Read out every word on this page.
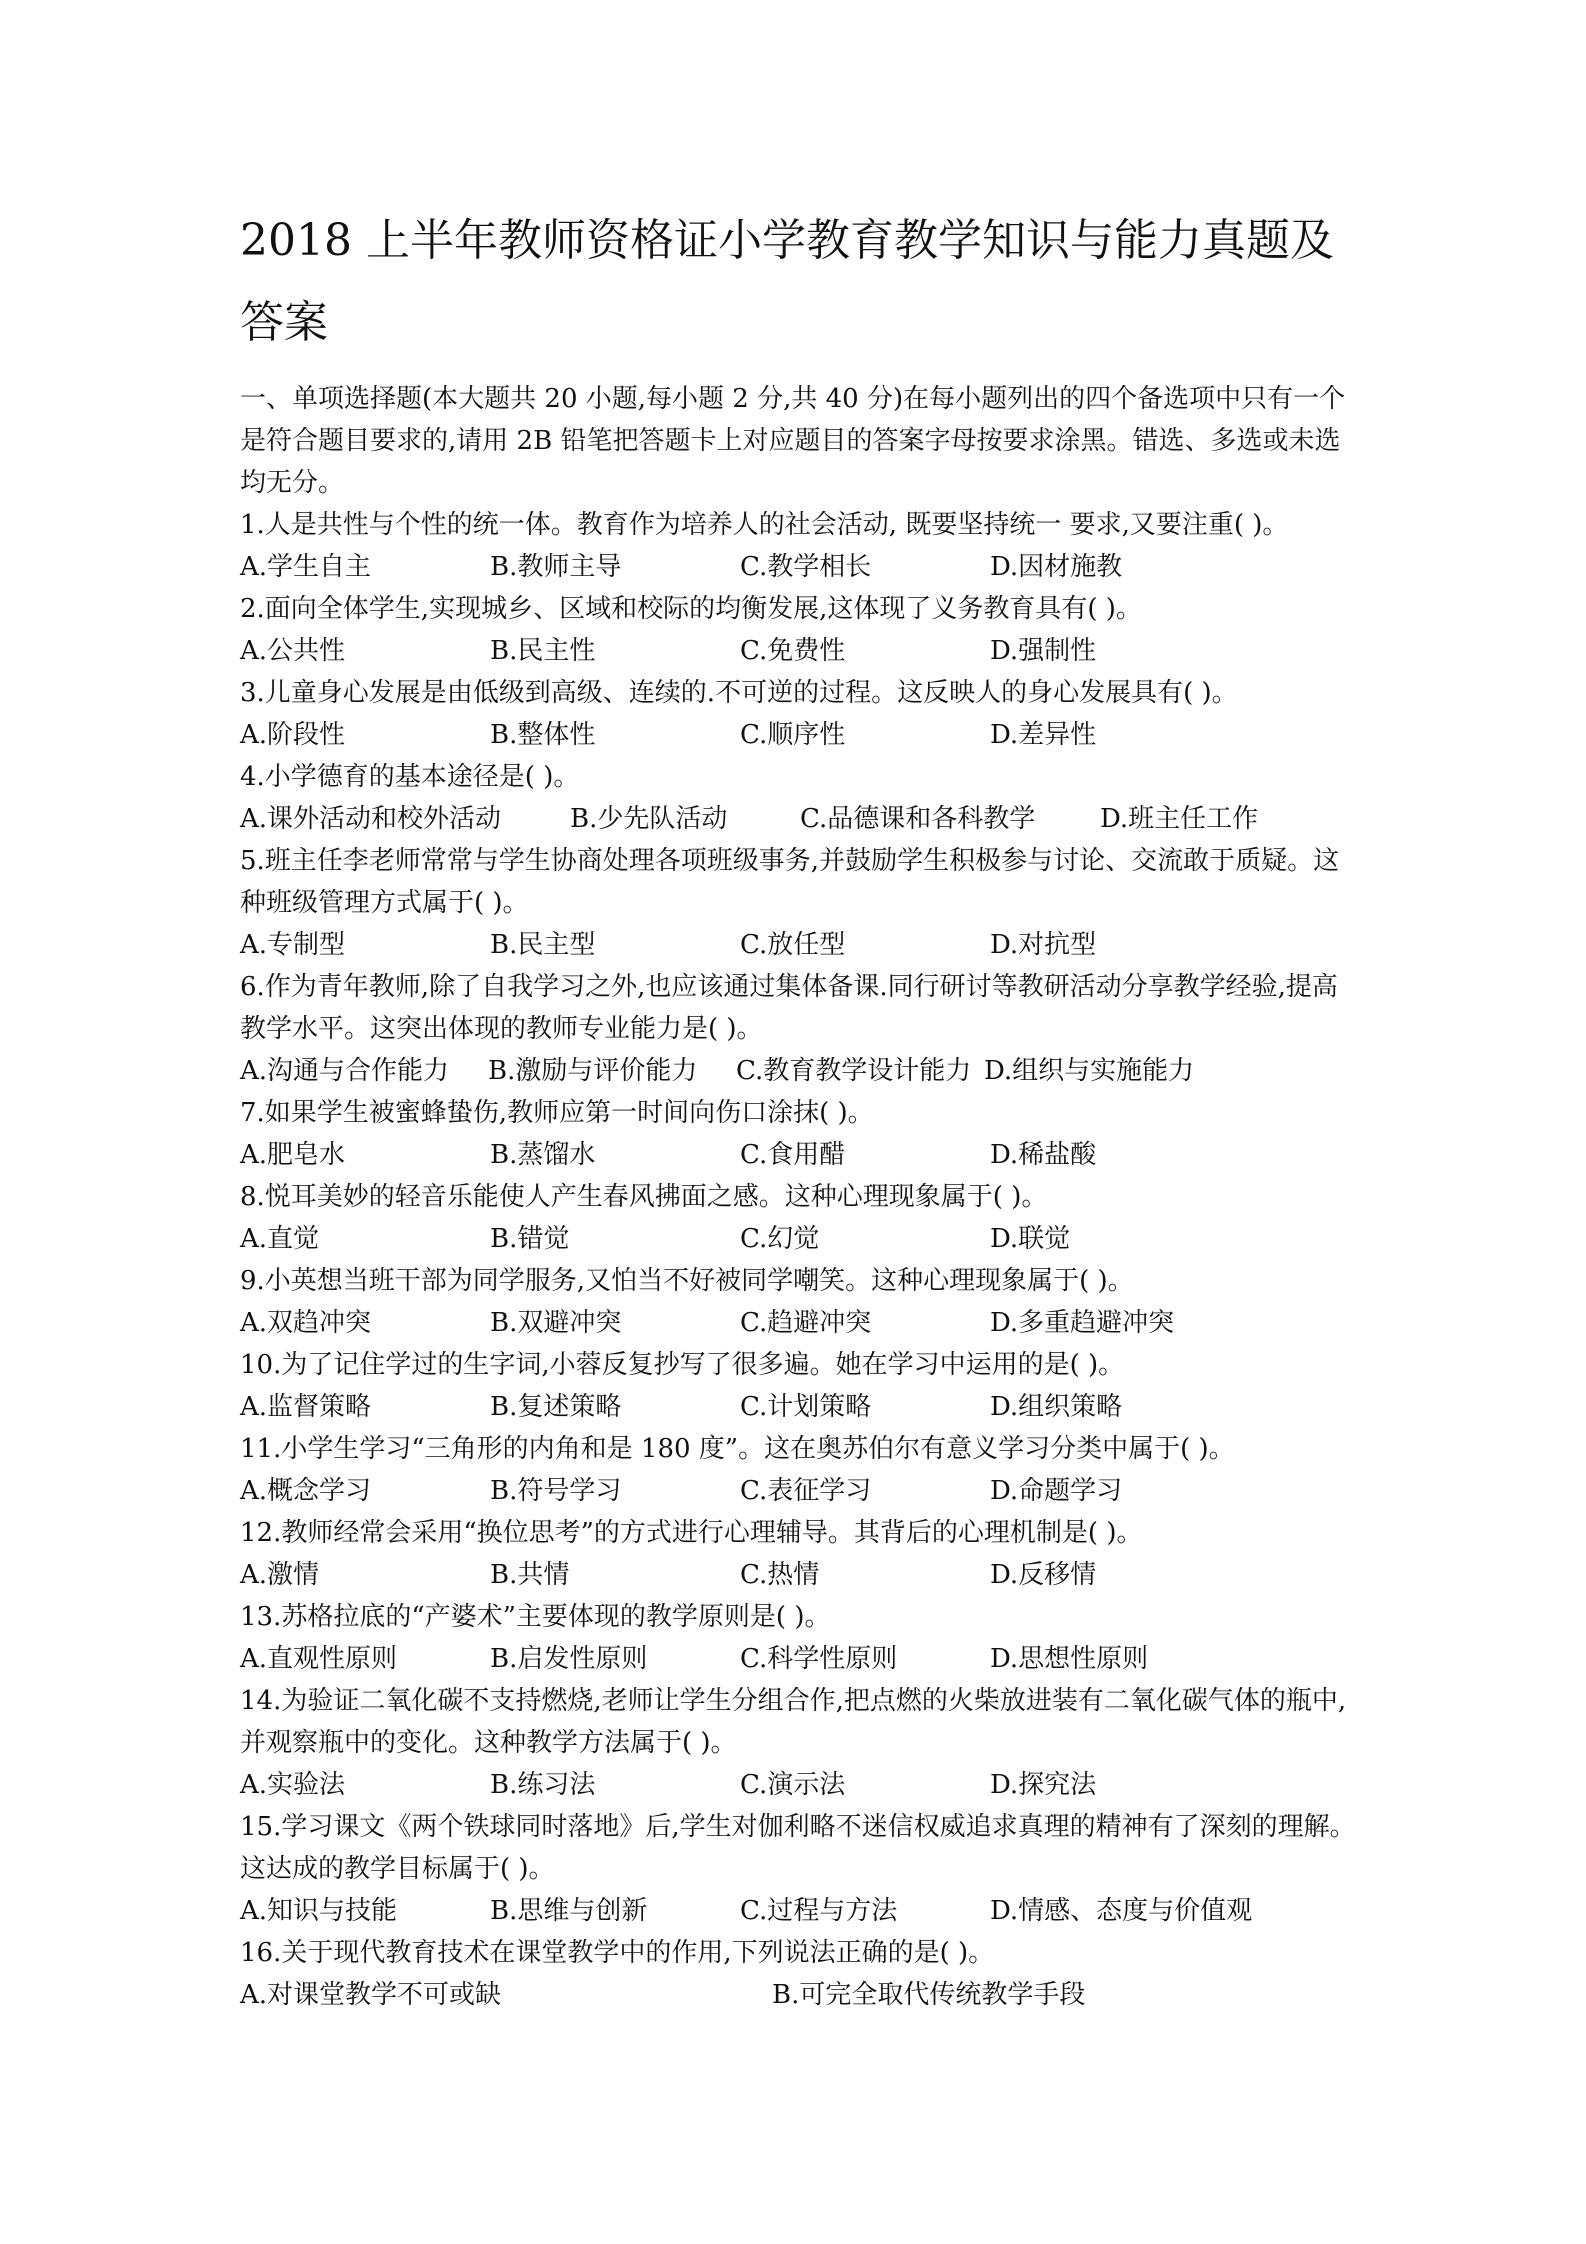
2018 上半年教师资格证小学教育教学知识与能力真题及答案

一、单项选择题(本大题共 20 小题,每小题 2 分,共 40 分)在每小题列出的四个备选项中只有一个是符合题目要求的,请用 2B 铅笔把答题卡上对应题目的答案字母按要求涂黑。错选、多选或未选均无分。

1.人是共性与个性的统一体。教育作为培养人的社会活动, 既要坚持统一 要求,又要注重( )。

A.学生自主	B.教师主导	C.教学相长	D.因材施教

2.面向全体学生,实现城乡、区域和校际的均衡发展,这体现了义务教育具有( )。

A.公共性	B.民主性	C.免费性	D.强制性

3.儿童身心发展是由低级到高级、连续的.不可逆的过程。这反映人的身心发展具有( )。

A.阶段性	B.整体性	C.顺序性	D.差异性

4.小学德育的基本途径是( )。

A.课外活动和校外活动	B.少先队活动	C.品德课和各科教学	D.班主任工作

5.班主任李老师常常与学生协商处理各项班级事务,并鼓励学生积极参与讨论、交流敢于质疑。这种班级管理方式属于( )。

A.专制型	B.民主型	C.放任型	D.对抗型

6.作为青年教师,除了自我学习之外,也应该通过集体备课.同行研讨等教研活动分享教学经验,提高教学水平。这突出体现的教师专业能力是( )。

A.沟通与合作能力	B.激励与评价能力	C.教育教学设计能力 D.组织与实施能力

7.如果学生被蜜蜂蛰伤,教师应第一时间向伤口涂抹( )。

A.肥皂水	B.蒸馏水	C.食用醋	D.稀盐酸

8.悦耳美妙的轻音乐能使人产生春风拂面之感。这种心理现象属于( )。

A.直觉	B.错觉	C.幻觉	D.联觉

9.小英想当班干部为同学服务,又怕当不好被同学嘲笑。这种心理现象属于( )。

A.双趋冲突	B.双避冲突	C.趋避冲突	D.多重趋避冲突

10.为了记住学过的生字词,小蓉反复抄写了很多遍。她在学习中运用的是( )。

A.监督策略	B.复述策略	C.计划策略	D.组织策略

11.小学生学习“三角形的内角和是 180 度”。这在奥苏伯尔有意义学习分类中属于( )。

A.概念学习	B.符号学习	C.表征学习	D.命题学习

12.教师经常会采用“换位思考”的方式进行心理辅导。其背后的心理机制是( )。

A.激情	B.共情	C.热情	D.反移情

13.苏格拉底的“产婆术”主要体现的教学原则是( )。

A.直观性原则	B.启发性原则	C.科学性原则	D.思想性原则

14.为验证二氧化碳不支持燃烧,老师让学生分组合作,把点燃的火柴放进装有二氧化碳气体的瓶中,并观察瓶中的变化。这种教学方法属于( )。

A.实验法	B.练习法	C.演示法	D.探究法

15.学习课文《两个铁球同时落地》后,学生对伽利略不迷信权威追求真理的精神有了深刻的理解。这达成的教学目标属于( )。

A.知识与技能	B.思维与创新	C.过程与方法	D.情感、态度与价值观

16.关于现代教育技术在课堂教学中的作用,下列说法正确的是( )。

A.对课堂教学不可或缺	B.可完全取代传统教学手段
